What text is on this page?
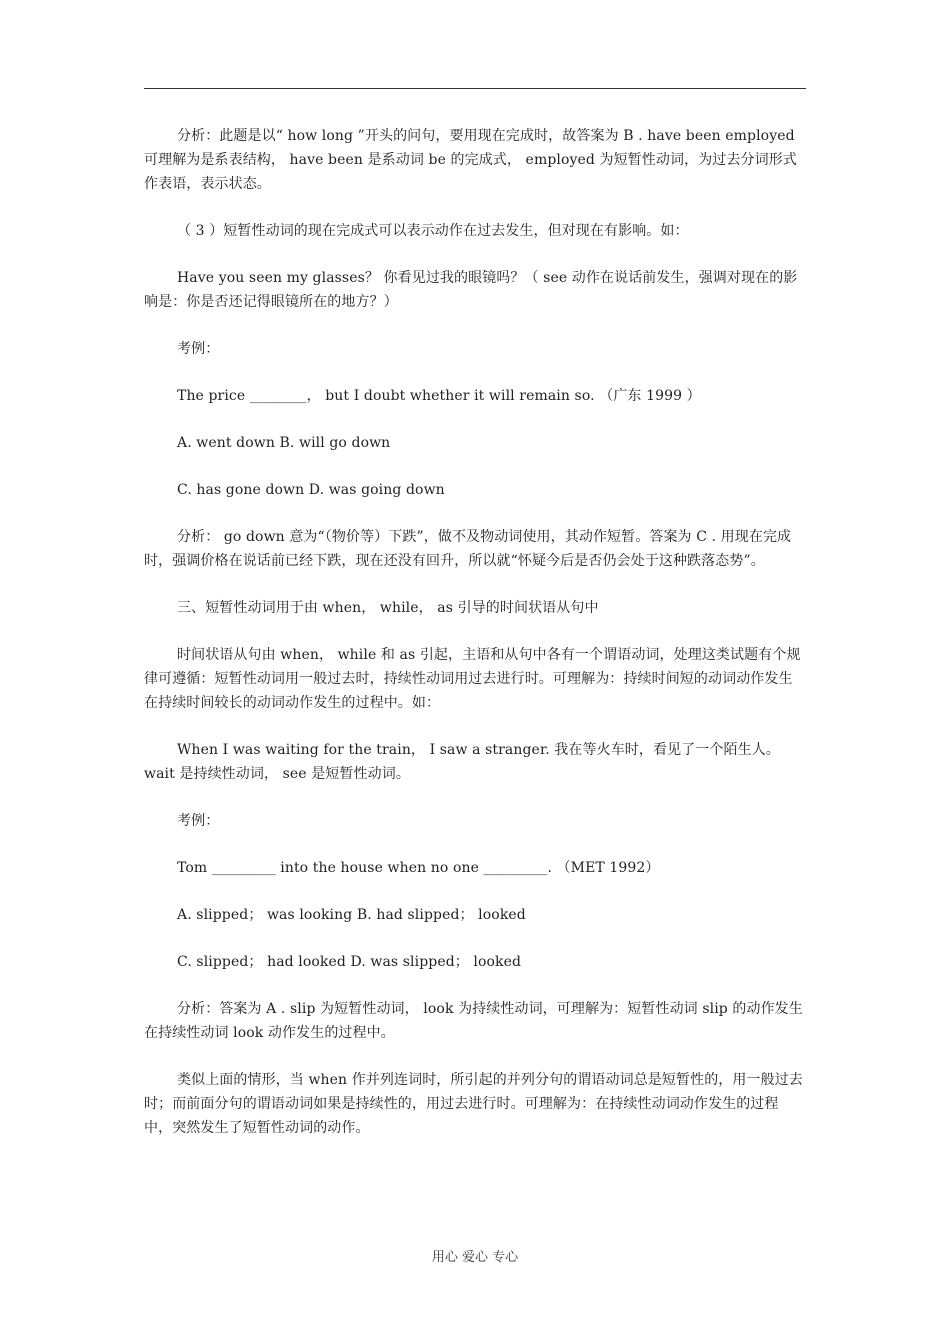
分析：此题是以“ how long ”开头的问句，要用现在完成时，故答案为 B . have been employed 可理解为是系表结构， have been 是系动词 be 的完成式， employed 为短暂性动词，为过去分词形式作表语，表示状态。

（ 3 ）短暂性动词的现在完成式可以表示动作在过去发生，但对现在有影响。如：

Have you seen my glasses？ 你看见过我的眼镜吗？（ see 动作在说话前发生，强调对现在的影响是：你是否还记得眼镜所在的地方？）

考例：

The price ________， but I doubt whether it will remain so. （广东 1999 ）

A. went down B. will go down

C. has gone down D. was going down

分析： go down 意为“（物价等）下跌”，做不及物动词使用，其动作短暂。答案为 C . 用现在完成时，强调价格在说话前已经下跌，现在还没有回升，所以就“怀疑今后是否仍会处于这种跌落态势”。

三、短暂性动词用于由 when， while， as 引导的时间状语从句中

时间状语从句由 when， while 和 as 引起，主语和从句中各有一个谓语动词，处理这类试题有个规律可遵循：短暂性动词用一般过去时，持续性动词用过去进行时。可理解为：持续时间短的动词动作发生在持续时间较长的动词动作发生的过程中。如：

When I was waiting for the train， I saw a stranger. 我在等火车时，看见了一个陌生人。 wait 是持续性动词， see 是短暂性动词。

考例：

Tom _________ into the house when no one _________. （MET 1992）

A. slipped； was looking B. had slipped； looked

C. slipped； had looked D. was slipped； looked

分析：答案为 A . slip 为短暂性动词， look 为持续性动词，可理解为：短暂性动词 slip 的动作发生在持续性动词 look 动作发生的过程中。

类似上面的情形，当 when 作并列连词时，所引起的并列分句的谓语动词总是短暂性的，用一般过去时；而前面分句的谓语动词如果是持续性的，用过去进行时。可理解为：在持续性动词动作发生的过程中，突然发生了短暂性动词的动作。

用心 爱心 专心
